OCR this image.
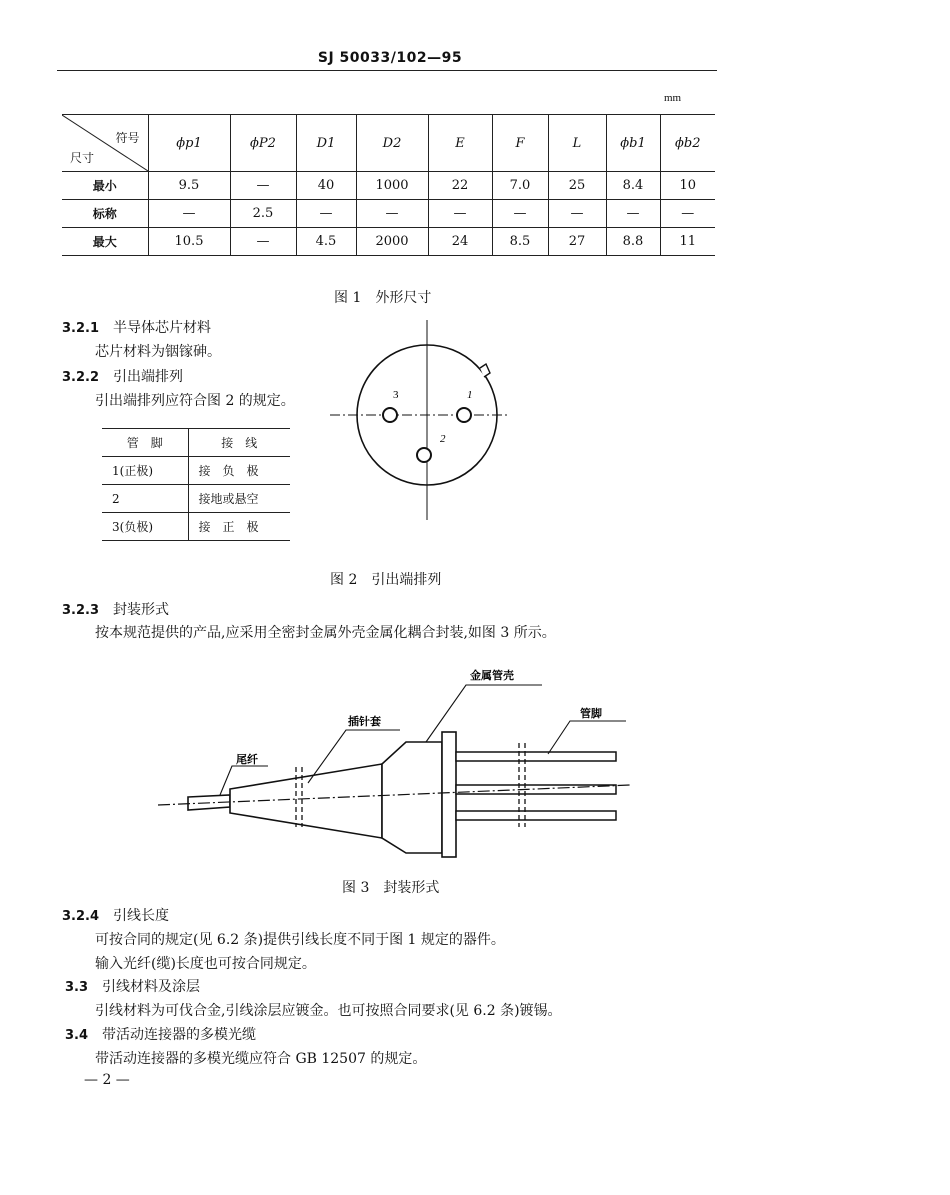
SJ 50033/102—95
mm
符号
尺寸	ϕp1	ϕP2	D1	D2	E	F	L	ϕb1	ϕb2
最小	9.5	—	40	1000	22	7.0	25	8.4	10
标称	—	2.5	—	—	—	—	—	—	—
最大	10.5	—	4.5	2000	24	8.5	27	8.8	11
图 1　外形尺寸
3.2.1 半导体芯片材料
芯片材料为铟镓砷。
3.2.2 引出端排列
引出端排列应符合图 2 的规定。
管　脚	接　线
1(正极)	接　负　极
2	接地或悬空
3(负极)	接　正　极
3	1
2
图 2　引出端排列
3.2.3 封装形式
按本规范提供的产品,应采用全密封金属外壳金属化耦合封装,如图 3 所示。
尾纤
插针套
金属管壳
管脚
图 3　封装形式
3.2.4 引线长度
可按合同的规定(见 6.2 条)提供引线长度不同于图 1 规定的器件。
输入光纤(缆)长度也可按合同规定。
3.3 引线材料及涂层
引线材料为可伐合金,引线涂层应镀金。也可按照合同要求(见 6.2 条)镀锡。
3.4 带活动连接器的多模光缆
带活动连接器的多模光缆应符合 GB 12507 的规定。
— 2 —
